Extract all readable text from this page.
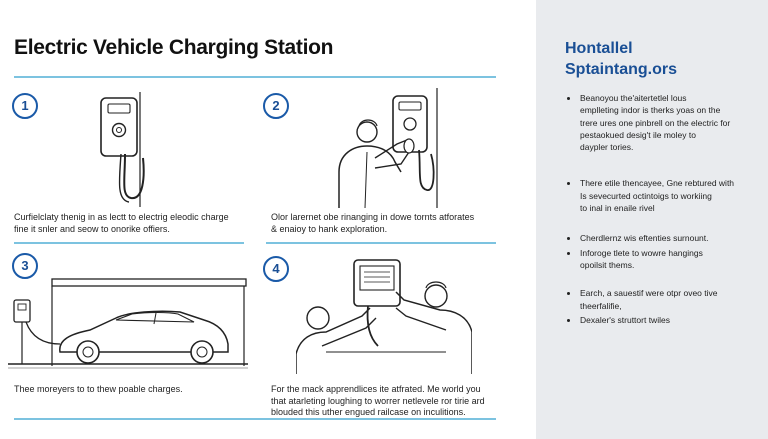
Electric Vehicle Charging Station
1
Curfielclaty thenig in as lectt to electrig eleodic charge
fine it snler and seow to onorike offiers.
2
Olor larernet obe rinanging in dowe tornts atforates
& enaioy to hank exploration.
3
Thee moreyers to to thew poable charges.
4
For the mack apprendlices ite atfrated. Me world you
that atarleting loughing to worrer netlevele ror tirie ard
blouded this uther engued railcase on inculitions.
Hontallel
Sptaintang.ors
Beanoyou the'aitertetlel lous
emplleting indor is therks yoas on the
trere ures one pinbrell on the electric for
pestaokued desig't ile moley to
daypler tories.
There etile thencayee, Gne rebtured with
Is sevecurted octintoigs to workiing
to inal in enaile rivel
Cherdlernz wis eftenties surnount.
Inforoge tlete to wowre hangings
opoilsit thems.
Earch, a sauestif were otpr oveo tive
theerfalifie,
Dexaler's struttort twiles
